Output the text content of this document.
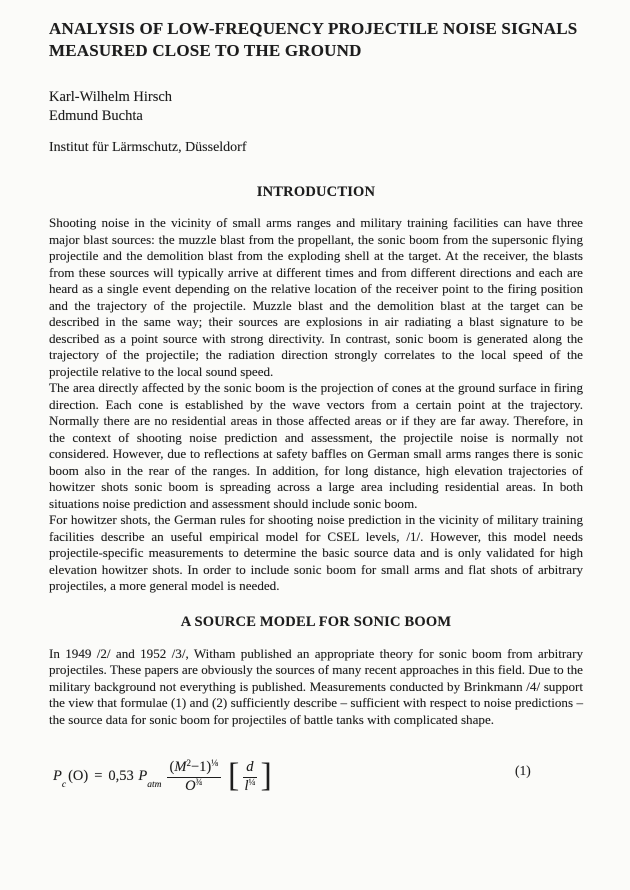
ANALYSIS OF LOW-FREQUENCY PROJECTILE NOISE SIGNALS MEASURED CLOSE TO THE GROUND
Karl-Wilhelm Hirsch
Edmund Buchta
Institut für Lärmschutz, Düsseldorf
INTRODUCTION

Shooting noise in the vicinity of small arms ranges and military training facilities can have three major blast sources: the muzzle blast from the propellant, the sonic boom from the supersonic flying projectile and the demolition blast from the exploding shell at the target. At the receiver, the blasts from these sources will typically arrive at different times and from different directions and each are heard as a single event depending on the relative location of the receiver point to the firing position and the trajectory of the projectile. Muzzle blast and the demolition blast at the target can be described in the same way; their sources are explosions in air radiating a blast signature to be described as a point source with strong directivity. In contrast, sonic boom is generated along the trajectory of the projectile; the radiation direction strongly correlates to the local speed of the projectile relative to the local sound speed.

The area directly affected by the sonic boom is the projection of cones at the ground surface in firing direction. Each cone is established by the wave vectors from a certain point at the trajectory. Normally there are no residential areas in those affected areas or if they are far away. Therefore, in the context of shooting noise prediction and assessment, the projectile noise is normally not considered. However, due to reflections at safety baffles on German small arms ranges there is sonic boom also in the rear of the ranges. In addition, for long distance, high elevation trajectories of howitzer shots sonic boom is spreading across a large area including residential areas. In both situations noise prediction and assessment should include sonic boom.

For howitzer shots, the German rules for shooting noise prediction in the vicinity of military training facilities describe an useful empirical model for CSEL levels, /1/. However, this model needs projectile-specific measurements to determine the basic source data and is only validated for high elevation howitzer shots. In order to include sonic boom for small arms and flat shots of arbitrary projectiles, a more general model is needed.

A SOURCE MODEL FOR SONIC BOOM

In 1949 /2/ and 1952 /3/, Witham published an appropriate theory for sonic boom from arbitrary projectiles. These papers are obviously the sources of many recent approaches in this field. Due to the military background not everything is published. Measurements conducted by Brinkmann /4/ support the view that formulae (1) and (2) sufficiently describe – sufficient with respect to noise predictions – the source data for sonic boom for projectiles of battle tanks with complicated shape.

$P_c(O) = 0,53$ $P_{atm} \frac{(M^2-1)^{\frac{1}{8}}}{O^{\frac{3}{4}}}$ [ $\frac{d}{l^{\frac{1}{4}}}$ ]	(1)
